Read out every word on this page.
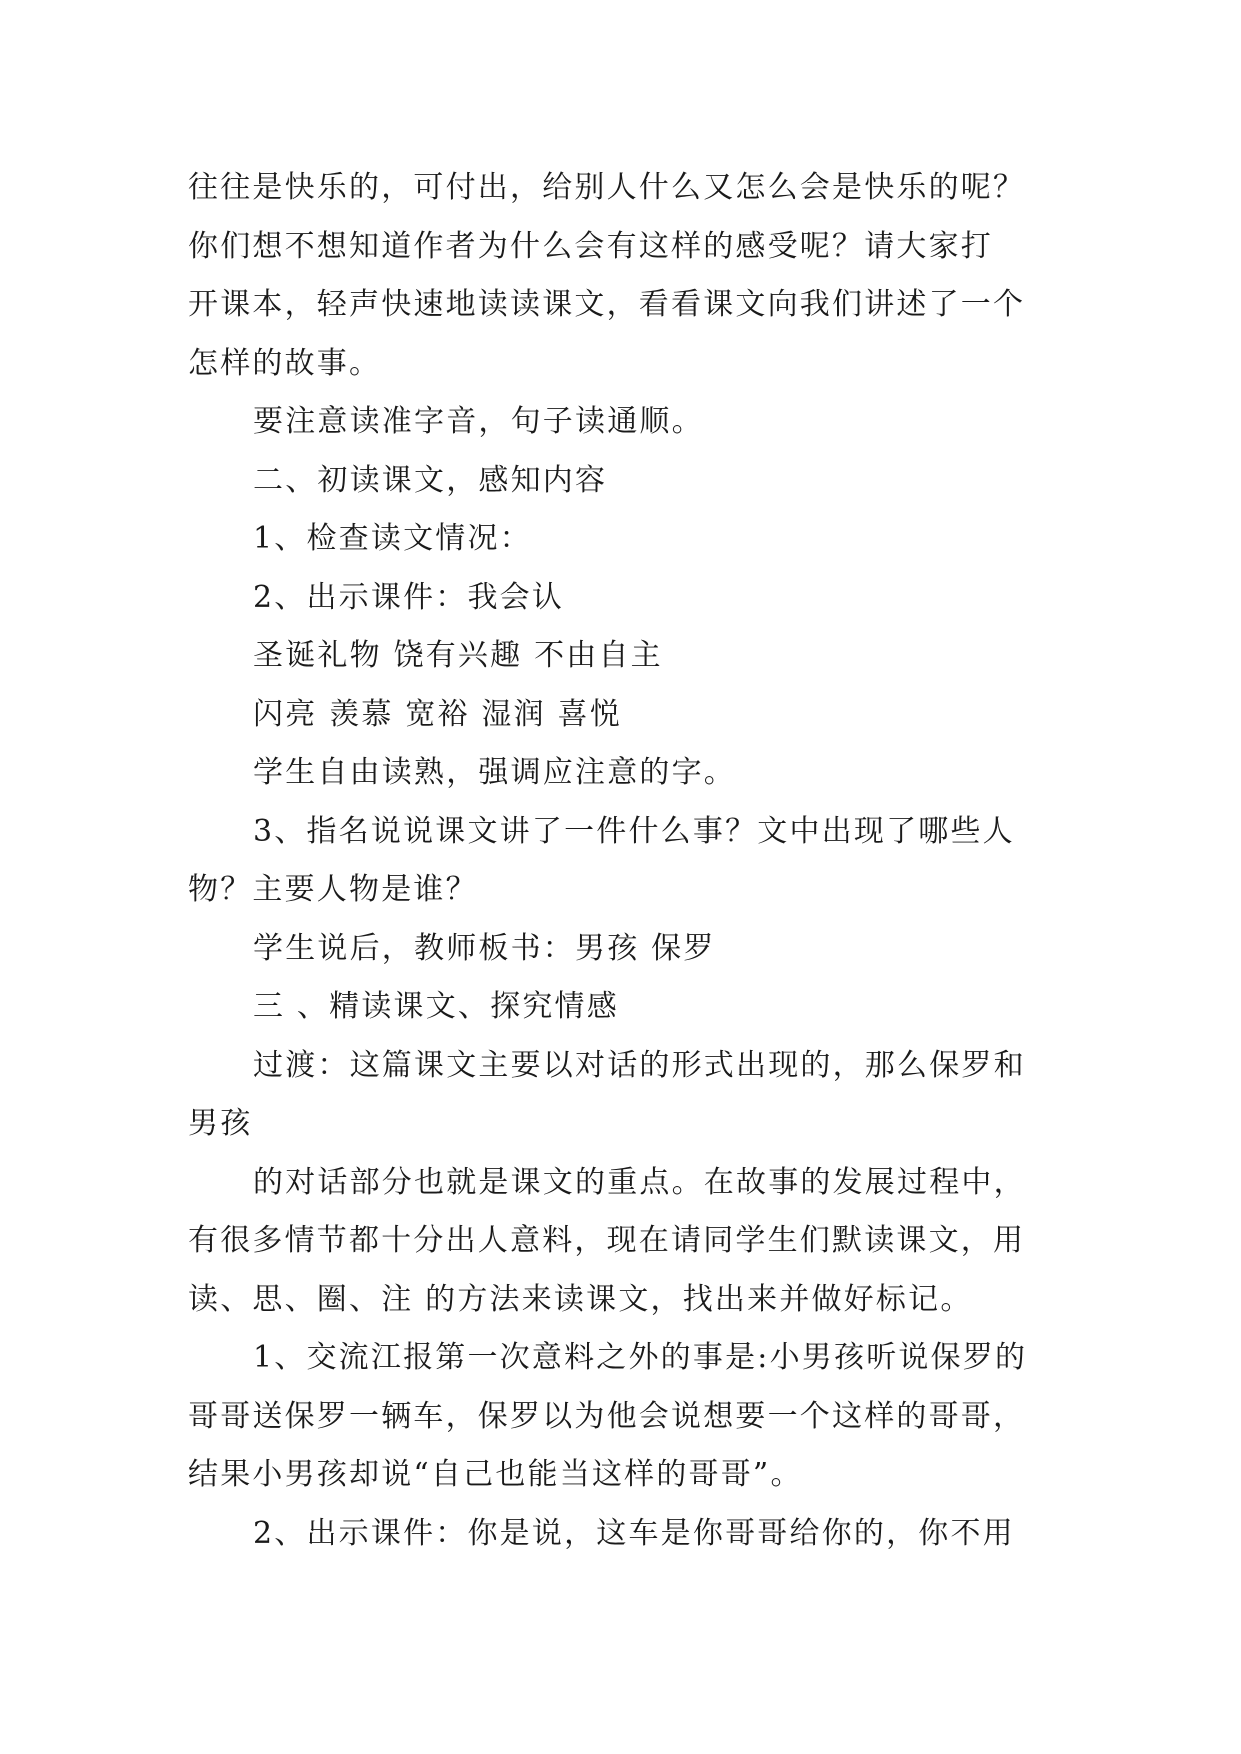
往往是快乐的，可付出，给别人什么又怎么会是快乐的呢？
你们想不想知道作者为什么会有这样的感受呢？请大家打
开课本，轻声快速地读读课文，看看课文向我们讲述了一个
怎样的故事。
要注意读准字音，句子读通顺。
二、初读课文，感知内容
1、检查读文情况：
2、出示课件：我会认
圣诞礼物 饶有兴趣 不由自主
闪亮 羡慕 宽裕 湿润 喜悦
学生自由读熟，强调应注意的字。
3、指名说说课文讲了一件什么事？文中出现了哪些人
物？主要人物是谁？
学生说后，教师板书：男孩 保罗
三 、精读课文、探究情感
过渡：这篇课文主要以对话的形式出现的，那么保罗和
男孩
的对话部分也就是课文的重点。在故事的发展过程中，
有很多情节都十分出人意料，现在请同学生们默读课文，用
读、思、圈、注 的方法来读课文，找出来并做好标记。
1、交流江报第一次意料之外的事是:小男孩听说保罗的
哥哥送保罗一辆车，保罗以为他会说想要一个这样的哥哥，
结果小男孩却说“自己也能当这样的哥哥”。
2、出示课件：你是说，这车是你哥哥给你的，你不用
